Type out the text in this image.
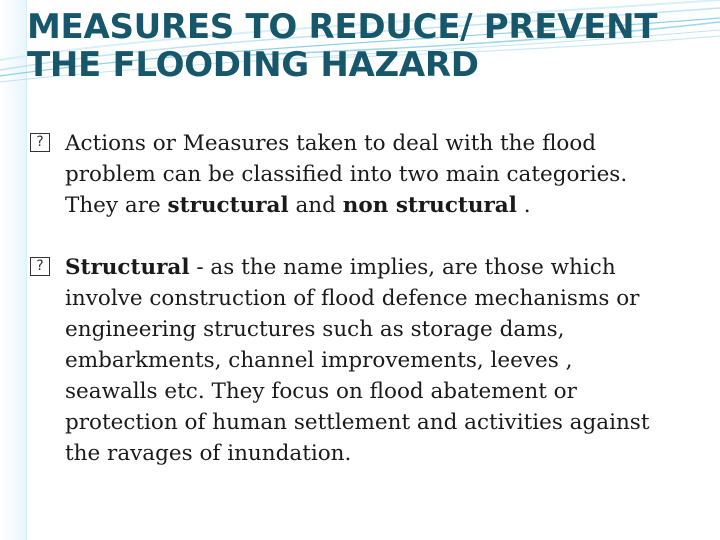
MEASURES TO REDUCE/ PREVENT
THE FLOODING HAZARD

?
Actions or Measures taken to deal with the flood
problem can be classified into two main categories.
They are structural and non structural .

?
Structural - as the name implies, are those which
involve construction of flood defence mechanisms or
engineering structures such as storage dams,
embarkments, channel improvements, leeves ,
seawalls etc. They focus on flood abatement or
protection of human settlement and activities against
the ravages of inundation.
